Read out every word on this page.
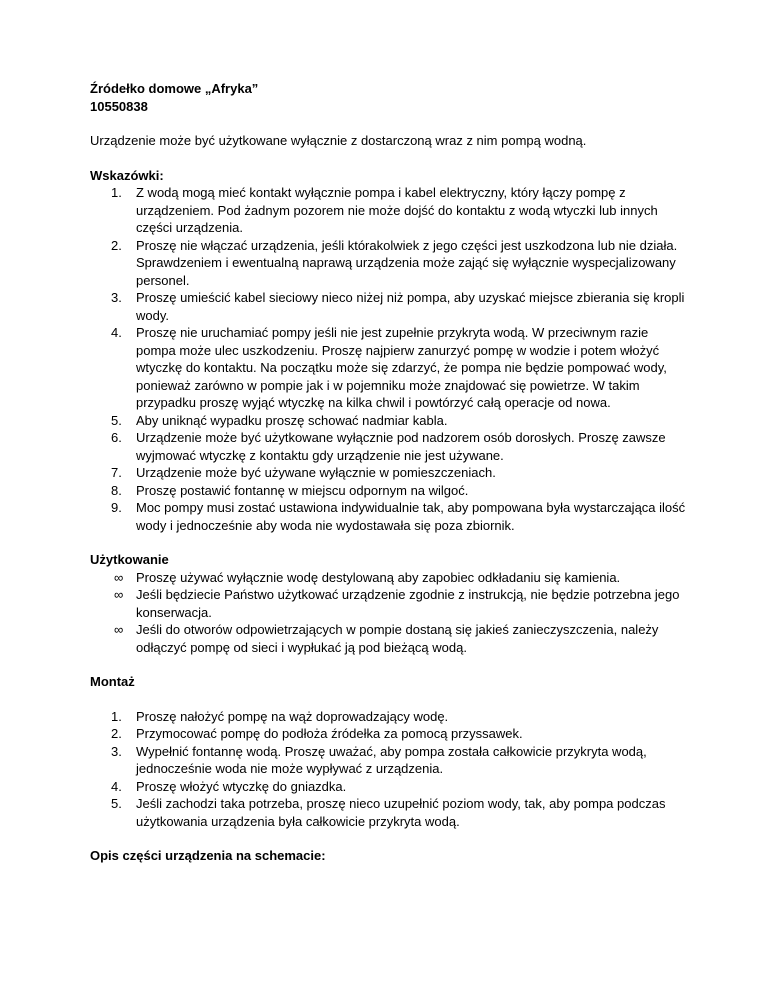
Źródełko domowe „Afryka”

10550838

Urządzenie może być użytkowane wyłącznie z dostarczoną wraz z nim pompą wodną.

Wskazówki:

1. Z wodą mogą mieć kontakt wyłącznie pompa i kabel elektryczny, który łączy pompę z urządzeniem. Pod żadnym pozorem nie może dojść do kontaktu z wodą wtyczki lub innych części urządzenia.
2. Proszę nie włączać urządzenia, jeśli którakolwiek z jego części jest uszkodzona lub nie działa. Sprawdzeniem i ewentualną naprawą urządzenia może zająć się wyłącznie wyspecjalizowany personel.
3. Proszę umieścić kabel sieciowy nieco niżej niż pompa, aby uzyskać miejsce zbierania się kropli wody.
4. Proszę nie uruchamiać pompy jeśli nie jest zupełnie przykryta wodą. W przeciwnym razie pompa może ulec uszkodzeniu. Proszę najpierw zanurzyć pompę w wodzie i potem włożyć wtyczkę do kontaktu. Na początku może się zdarzyć, że pompa nie będzie pompować wody, ponieważ zarówno w pompie jak i w pojemniku może znajdować się powietrze. W takim przypadku proszę wyjąć wtyczkę na kilka chwil i powtórzyć całą operacje od nowa.
5. Aby uniknąć wypadku proszę schować nadmiar kabla.
6. Urządzenie może być użytkowane wyłącznie pod nadzorem osób dorosłych. Proszę zawsze wyjmować wtyczkę z kontaktu gdy urządzenie nie jest używane.
7. Urządzenie może być używane wyłącznie w pomieszczeniach.
8. Proszę postawić fontannę w miejscu odpornym na wilgoć.
9. Moc pompy musi zostać ustawiona indywidualnie tak, aby pompowana była wystarczająca ilość wody i jednocześnie aby woda nie wydostawała się poza zbiornik.

Użytkowanie

∞ Proszę używać wyłącznie wodę destylowaną aby zapobiec odkładaniu się kamienia.
∞ Jeśli będziecie Państwo użytkować urządzenie zgodnie z instrukcją, nie będzie potrzebna jego konserwacja.
∞ Jeśli do otworów odpowietrzających w pompie dostaną się jakieś zanieczyszczenia, należy odłączyć pompę od sieci i wypłukać ją pod bieżącą wodą.

Montaż

1. Proszę nałożyć pompę na wąż doprowadzający wodę.
2. Przymocować pompę do podłoża źródełka za pomocą przyssawek.
3. Wypełnić fontannę wodą. Proszę uważać, aby pompa została całkowicie przykryta wodą, jednocześnie woda nie może wypływać z urządzenia.
4. Proszę włożyć wtyczkę do gniazdka.
5. Jeśli zachodzi taka potrzeba, proszę nieco uzupełnić poziom wody, tak, aby pompa podczas użytkowania urządzenia była całkowicie przykryta wodą.

Opis części urządzenia na schemacie:
